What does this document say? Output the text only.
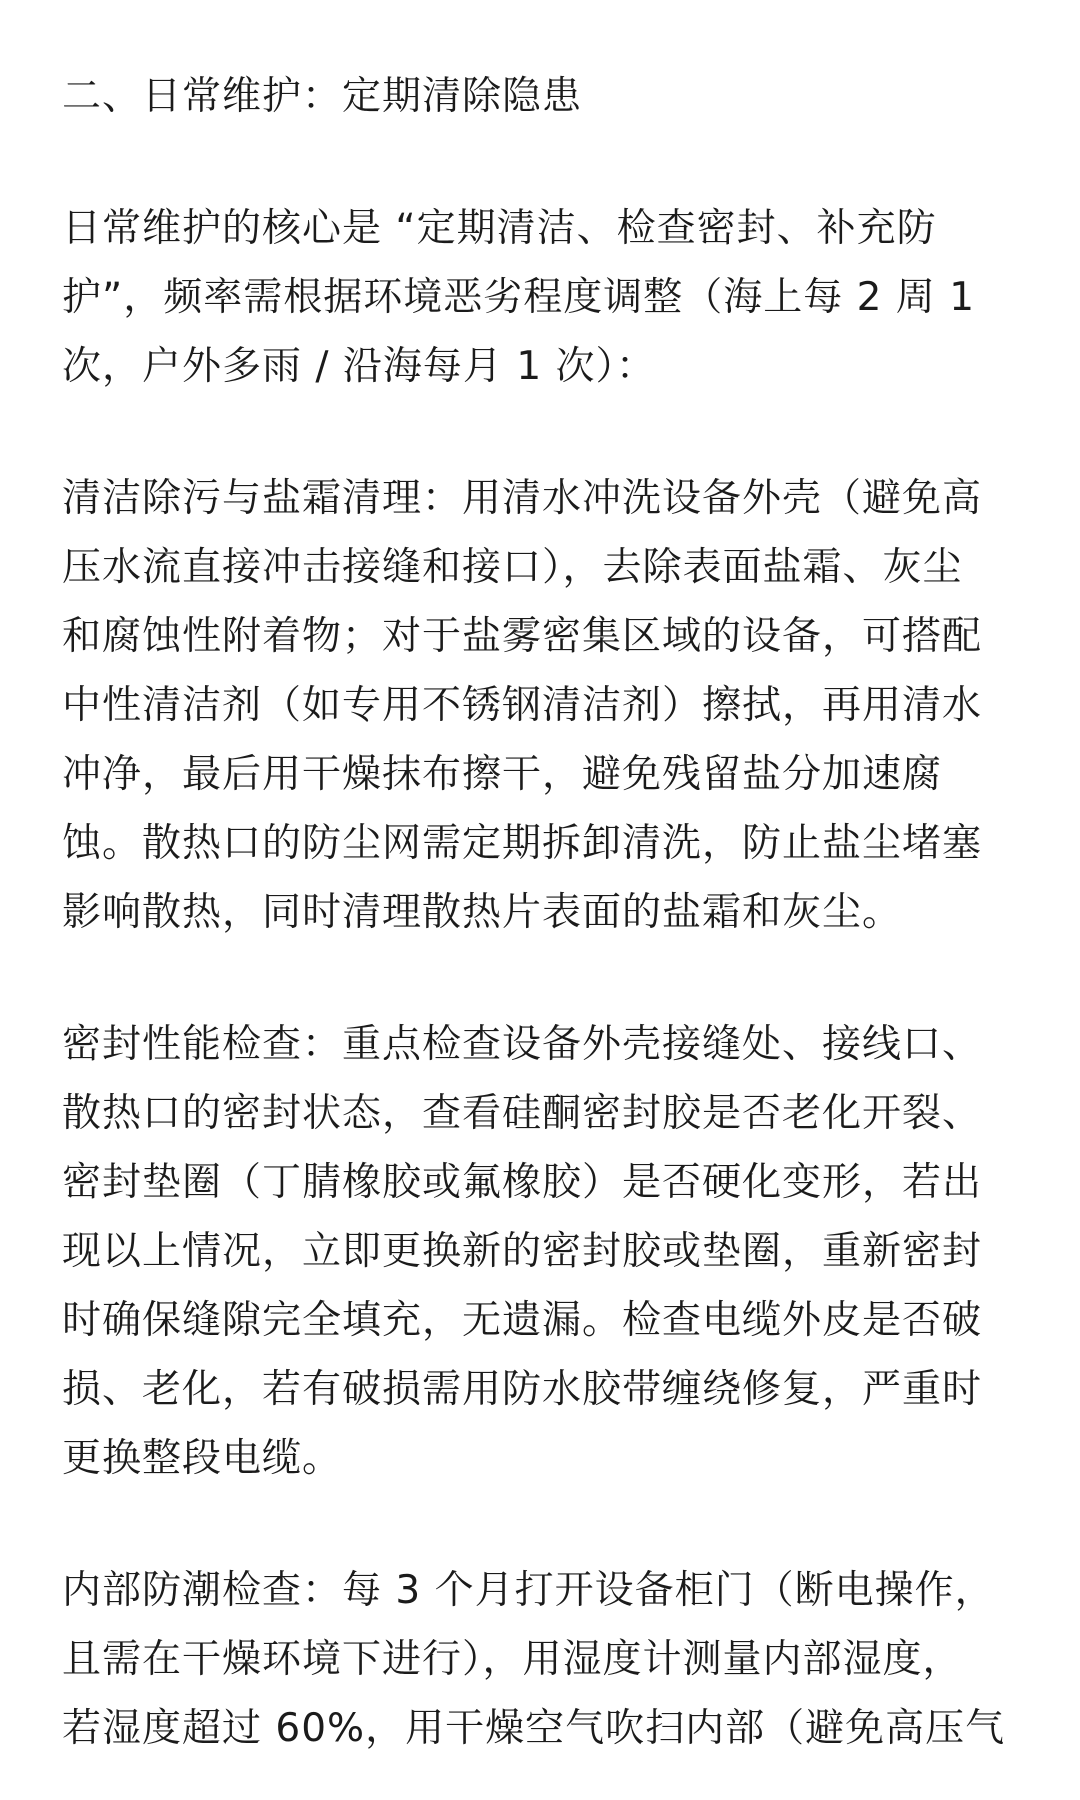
二、日常维护：定期清除隐患

日常维护的核心是 “定期清洁、检查密封、补充防
护”，频率需根据环境恶劣程度调整（海上每 2 周 1
次，户外多雨 / 沿海每月 1 次）：

清洁除污与盐霜清理：用清水冲洗设备外壳（避免高
压水流直接冲击接缝和接口），去除表面盐霜、灰尘
和腐蚀性附着物；对于盐雾密集区域的设备，可搭配
中性清洁剂（如专用不锈钢清洁剂）擦拭，再用清水
冲净，最后用干燥抹布擦干，避免残留盐分加速腐
蚀。散热口的防尘网需定期拆卸清洗，防止盐尘堵塞
影响散热，同时清理散热片表面的盐霜和灰尘。

密封性能检查：重点检查设备外壳接缝处、接线口、
散热口的密封状态，查看硅酮密封胶是否老化开裂、
密封垫圈（丁腈橡胶或氟橡胶）是否硬化变形，若出
现以上情况，立即更换新的密封胶或垫圈，重新密封
时确保缝隙完全填充，无遗漏。检查电缆外皮是否破
损、老化，若有破损需用防水胶带缠绕修复，严重时
更换整段电缆。

内部防潮检查：每 3 个月打开设备柜门（断电操作，
且需在干燥环境下进行），用湿度计测量内部湿度，
若湿度超过 60%，用干燥空气吹扫内部（避免高压气
